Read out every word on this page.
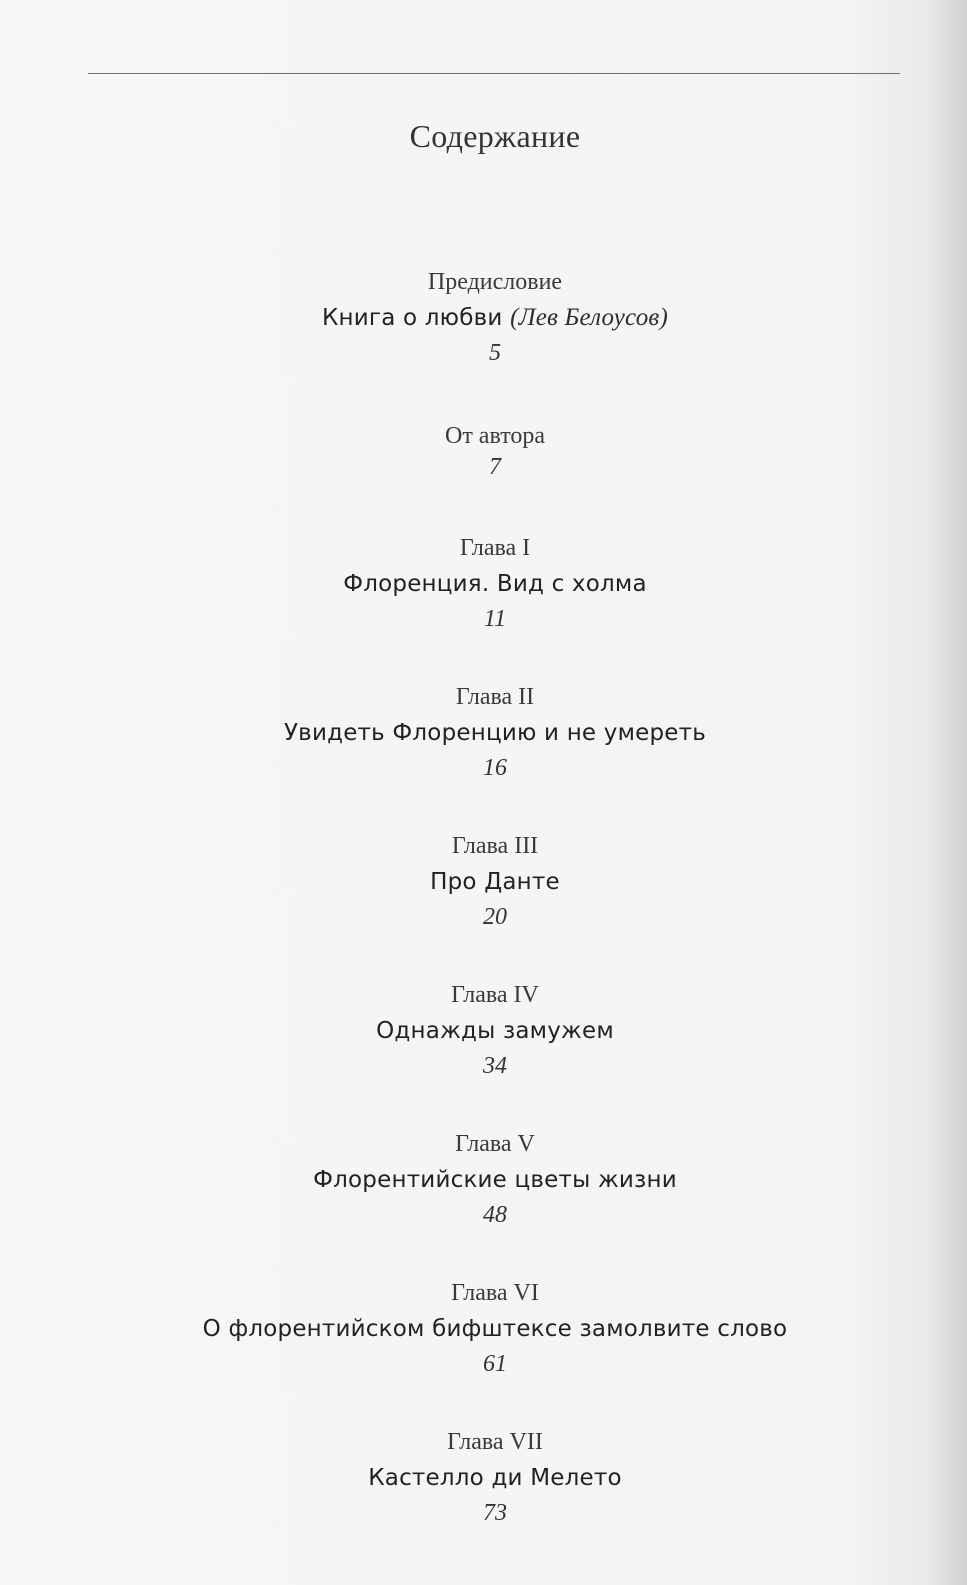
Содержание
Предисловие
Книга о любви (Лев Белоусов)
5
От автора
7
Глава I
Флоренция. Вид с холма
11
Глава II
Увидеть Флоренцию и не умереть
16
Глава III
Про Данте
20
Глава IV
Однажды замужем
34
Глава V
Флорентийские цветы жизни
48
Глава VI
О флорентийском бифштексе замолвите слово
61
Глава VII
Кастелло ди Мелето
73
